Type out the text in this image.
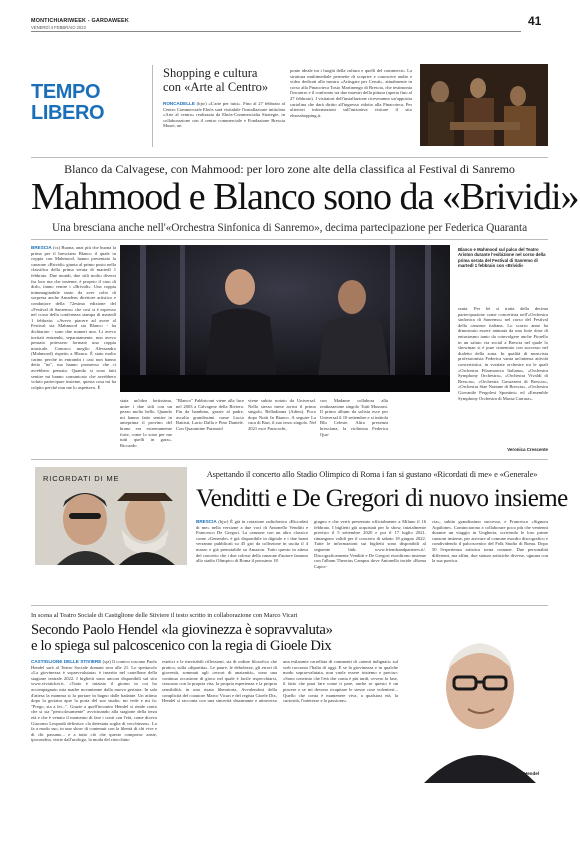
MONTICHIARIWEEK - GARDAWEEK
VENERDÌ 4 FEBBRAIO 2022	41
TEMPO
LIBERO
Shopping e cultura
con «Arte al Centro»
RONCADELLE (bjw) «L'arte per tutti». Fino al 27 febbraio al Centro Commerciale Elnòs sarà visitabile l'installazione intitolata «Arte al centro» realizzata da Elnòs-Commercialia Strategie, in collaborazione con il centro commerciale e Fondazione Brescia Musei, un
ponte ideale tra i luoghi della cultura e quelli del commercio. La struttura multimediale permette di scoprire e conoscere audio e video dedicati alla mostra «Artisgate per Ceruti», attualmente in corso alla Pinacoteca Tosio Martinengo di Brescia, che testimonia l'incontro e il confronto tra due maestri della pittura (aperta fino al 27 febbraio). I visitatori dell'installazione riceveranno un'apposita cartolina che darà diritto all'ingresso ridotto alla Pinacoteca. Per ulteriori informazioni sull'iniziativa visitare il sito elnosshopping.it.
Blanco da Calvagese, con Mahmood: per loro zone alte della classifica al Festival di Sanremo
Mahmood e Blanco sono da «Brividi»
Una bresciana anche nell'«Orchestra Sinfonica di Sanremo», decima partecipazione per Federica Quaranta
BRESCIA (cs) Buona, anzi più che buona la prima per il bresciano Blanco il quale in coppia con Mahmood, hanno presentato la canzone «Brividi» giunta al primo posto nella classifica della prima serata di martedì 1 febbraio. Due mondi, due stili molto diversi fra loro ma che insieme, è proprio il caso di dirlo, fanno venire i «Brividi». Una coppia inimmaginabile tanto da aver colto di sorpresa anche Amadeus direttore artistico e conduttore della 72esima edizione del «Festival di Sanremo» che così si è espresso nel corso della conferenza stampa di martedì 1 febbraio: «Avevo piacere ad avere al Festival sia Mahmood sia Blanco - ha dichiarato - sono due numeri uno. Li avevo invitati entrambi, separatamente, non avevo pensato potessero formare una coppia musicale. Conosco meglio Alessandro (Mahmood) rispetto a Blanco. È stato molto carino perché in entrambi i casi non hanno detto "no", ma hanno promesso che ci avrebbero pensato. Quando si sono fatti sentire mi hanno comunicato che avrebbero voluto partecipare insieme, questa cosa mi ha colpito perché non me lo aspettavo. È
stata un'idea fortissima, unire i due stili con un pezzo molto bello. Quando mi hanno fatto sentire in anteprima il provino del brano era estremamente forte, come lo sono per me tutti quelli in gara». Riccardo
"Blanco" Fabbriconi viene alla luce nel 2003 a Calvagese della Riviera. Fin da bambino, grazie al padre, ascolta grandissimi come Lucio Battisti, Lucio Dalla e Pino Daniele. Con Quarantine Paranoid
viene subito notato da Universal. Nello stesso mese arriva il primo singolo, Belladonna (Adieu). Poco dopo Notti In Bianco. A seguire La cura di Bari, il suo terzo singolo. Nel 2021 esce Paracochi,
con Madame collabora alla realizzazione singolo Tutti Mussoni. Il primo album da solista esce per Universal il 10 settembre e si intitola Blu Celeste. Altra presenza bresciana, la violinista Federica Qua-
Blanco e Mahmood sul palco del Teatro Ariston durante l'esibizione nel corso della prima serata del Festival di Sanremo di martedì 1 febbraio con «Brividi»
ranta. Per lei si tratta della decima partecipazione come concertista nell'«Orchestra sinfonica di Sanremo» nel corso del Festival della canzone italiana. Lo scorso anno ha dimostrato essere animata da una forte dose di entusiasmo tanto da coinvolgere anche Fiorello in un saluto via social a Brescia nel quale lo showman si è pure cimentato con successo nel dialetto della zona. In qualità di musicista professionista Federica vanta un'intensa attività concertistica, in svariate orchestre tra le quali «Orchestra Filarmonica Italiana», «Orchestra Symphony Orchestra», «Orchestra Vivaldi di Brescia», «Orchestra Gavazzeni di Brescia», «Orchestra Siae Nonnne di Brescia», «Orchestra Giovanile Pergolesi Spontini» ed «Ensemble Symphony Orchestra di Massa Carrara».
Veronica Crescente
RICORDATI DI ME	Aspettando il concerto allo Stadio Olimpico di Roma i fan si gustano «Ricordati di me» e «Generale»
Venditti e De Gregori di nuovo insieme
BRESCIA (bjw) È già in rotazione radiofonica «Ricordati di me» nella versione a due voci di Antonello Venditti e Francesco De Gregori. La canzone con un altro classico come «Generale» è già disponibile in digitale e i due brani verranno pubblicati su 45 giri da collezione in uscita il 4 marzo e già prenotabile su Amazon. Tutto questo in attesa del concerto che i due colossi della canzone d'autore faranno allo stadio Olimpico di Roma il prossimo 18
giugno e che verrà presentato ufficialmente a Milano il 16 febbraio. I biglietti già acquistati per lo show, inizialmente previsto il 5 settembre 2020 e poi il 17 luglio 2021, rimangono validi per il concerto di sabato 18 giugno 2022. Tutte le informazioni sui biglietti sono disponibili al seguente link: www.friendsandpartners.it/. Discograficamente Venditti e De Gregori esordirono insieme con l'album Theorius Campus dove Antonello incide «Roma Capoc-
cia», subito grandissimo successo, e Francesco «Signora Aquilone». Cominciarono a collaborare poco più che ventenni durante un viaggio in Ungheria, scrivendo le loro prime canzoni insieme, per arrivare al comune esordio discografico e condividendo il palcoscenico del Folk Studio di Roma. Dopo 50 l'esperienza artistica torna comune. Due personalità differenti, ma affini, due stature artistiche diverse, ognuna con la sua poetica.
In scena al Teatro Sociale di Castiglione delle Stiviere il testo scritto in collaborazione con Marco Vicari
Secondo Paolo Hendel «la giovinezza è sopravvaluta»
e lo spiega sul palcoscenico con la regia di Gioele Dix
CASTIGLIONE DELLE STIVIERE (sja) Il comico toscano Paolo Hendel sarà al Teatro Sociale domani sera alle 21. Lo spettacolo «La giovinezza è sopravvalutata» è inserito nel cartellone della stagione teatrale 2022. I biglietti sono ancora disponibili sul sito www.vivaticket.it. «Tutto è iniziato il giorno in cui ho accompagnato mia madre novantenne dalla nuova geriatra. In sala d'attesa la mamma si fa portare in bagno dalle badante. Un attimo dopo la geriatra apre la porta del suo studio, mi vede e mi fa: "Prego, sta a lei...". Grazie a quell'incontro Hendel si rende conto che si sta "pericolosamente" avvicinando alla stagione della terza età e che è venuto il momento di fare i conti con l'età, come diceva Giacomo Leopardi definisce «la detestata soglia di vecchiezza». Lo fa a modo suo, in uno show di contenuti con la libertà di chi vive e di chi passano... e a tutto ciò che questo comporta: ansie, ipocondria, visite dall'urologo, la moda del ritocchino
estetici e le inevitabili riflessioni, sia di ordine filosofico che pratico, sulla «dipartita». Le paure, le debolezze, gli errori di gioventù, sommati agli «errori di anzianità», sono una continua occasione di gioco nel quale è facile rispecchiarsi, ciascuno con la propria vita, la propria esperienza e la propria sensibilità, in una risata liberatoria. Avvalendosi della complicità del coautore Marco Vicari e del regista Gioele Dix, Hendel si racconta con una sincerità disarmante e attraverso una esilarante carrellata di commenti di «utenti indignati» sul web racconta l'Italia di oggi. E se la giovinezza e in qualche modo sopravvalutata, non vuole essere tristemo e preciso: «Sono convinto che l'età che conta è più tardi, ovvero la fase, il fatto che puoi fare come ti pare, anche se questo è un piacere e se mi devono ricapitare le stesse cose volentieri... Quello che conta è mantenere viva, a qualsiasi età, la curiosità, l'interesse e la passione».
Paolo Hendel
